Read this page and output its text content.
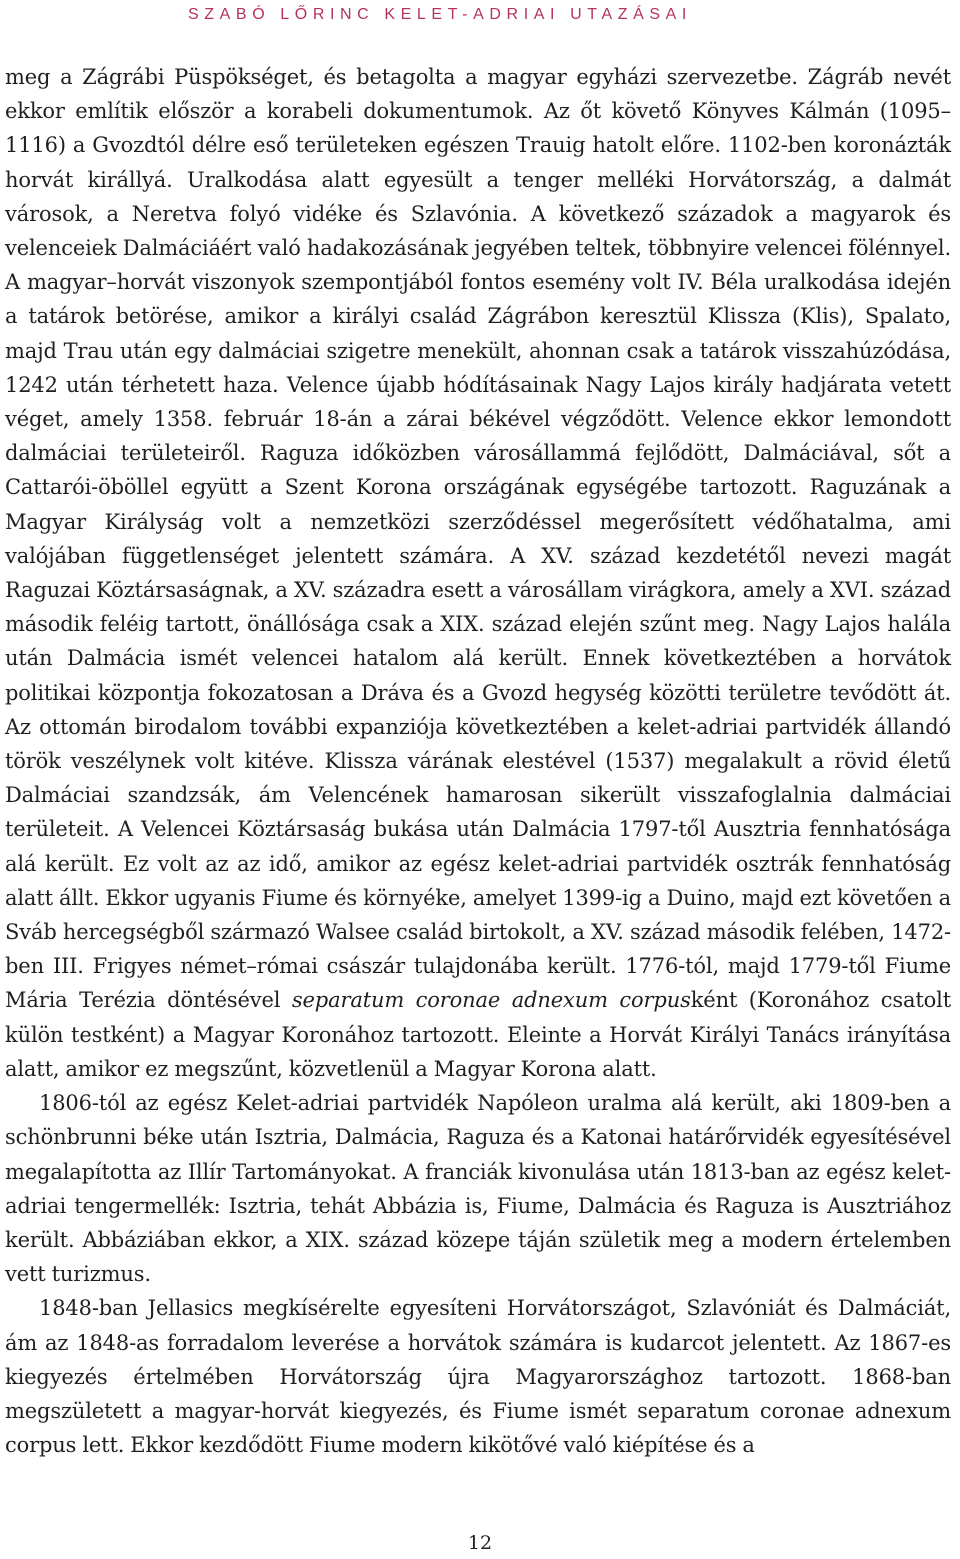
SZABÓ LŐRINC KELET-ADRIAI UTAZÁSAI

meg a Zágrábi Püspökséget, és betagolta a magyar egyházi szervezetbe. Zágráb nevét ekkor említik először a korabeli dokumentumok. Az őt követő Könyves Kálmán (1095–1116) a Gvozdtól délre eső területeken egészen Trauig hatolt előre. 1102-ben koronázták horvát királlyá. Uralkodása alatt egyesült a tenger melléki Horvátország, a dalmát városok, a Neretva folyó vidéke és Szlavónia. A következő századok a magyarok és velenceiek Dalmáciáért való hadakozásának jegyében teltek, többnyire velencei fölénnyel. A magyar–horvát viszonyok szempontjából fontos esemény volt IV. Béla uralkodása idején a tatárok betörése, amikor a királyi család Zágrábon keresztül Klissza (Klis), Spalato, majd Trau után egy dalmáciai szigetre menekült, ahonnan csak a tatárok visszahúzódása, 1242 után térhetett haza. Velence újabb hódításainak Nagy Lajos király hadjárata vetett véget, amely 1358. február 18-án a zárai békével végződött. Velence ekkor lemondott dalmáciai területeiről. Raguza időközben városállammá fejlődött, Dalmáciával, sőt a Cattarói-öböllel együtt a Szent Korona országának egységébe tartozott. Raguzának a Magyar Királyság volt a nemzetközi szerződéssel megerősített védőhatalma, ami valójában függetlenséget jelentett számára. A XV. század kezdetétől nevezi magát Raguzai Köztársaságnak, a XV. századra esett a városállam virágkora, amely a XVI. század második feléig tartott, önállósága csak a XIX. század elején szűnt meg. Nagy Lajos halála után Dalmácia ismét velencei hatalom alá került. Ennek következtében a horvátok politikai központja fokozatosan a Dráva és a Gvozd hegység közötti területre tevődött át. Az ottomán birodalom további expanziója következtében a kelet-adriai partvidék állandó török veszélynek volt kitéve. Klissza várának elestével (1537) megalakult a rövid életű Dalmáciai szandzsák, ám Velencének hamarosan sikerült visszafoglalnia dalmáciai területeit. A Velencei Köztársaság bukása után Dalmácia 1797-től Ausztria fennhatósága alá került. Ez volt az az idő, amikor az egész kelet-adriai partvidék osztrák fennhatóság alatt állt. Ekkor ugyanis Fiume és környéke, amelyet 1399-ig a Duino, majd ezt követően a Sváb hercegségből származó Walsee család birtokolt, a XV. század második felében, 1472-ben III. Frigyes német–római császár tulajdonába került. 1776-tól, majd 1779-től Fiume Mária Terézia döntésével separatum coronae adnexum corpusként (Koronához csatolt külön testként) a Magyar Koronához tartozott. Eleinte a Horvát Királyi Tanács irányítása alatt, amikor ez megszűnt, közvetlenül a Magyar Korona alatt.

1806-tól az egész Kelet-adriai partvidék Napóleon uralma alá került, aki 1809-ben a schönbrunni béke után Isztria, Dalmácia, Raguza és a Katonai határőrvidék egyesítésével megalapította az Illír Tartományokat. A franciák kivonulása után 1813-ban az egész kelet-adriai tengermellék: Isztria, tehát Abbázia is, Fiume, Dalmácia és Raguza is Ausztriához került. Abbáziában ekkor, a XIX. század közepe táján születik meg a modern értelemben vett turizmus.

1848-ban Jellasics megkísérelte egyesíteni Horvátországot, Szlavóniát és Dalmáciát, ám az 1848-as forradalom leverése a horvátok számára is kudarcot jelentett. Az 1867-es kiegyezés értelmében Horvátország újra Magyarországhoz tartozott. 1868-ban megszületett a magyar-horvát kiegyezés, és Fiume ismét separatum coronae adnexum corpus lett. Ekkor kezdődött Fiume modern kikötővé való kiépítése és a

12
